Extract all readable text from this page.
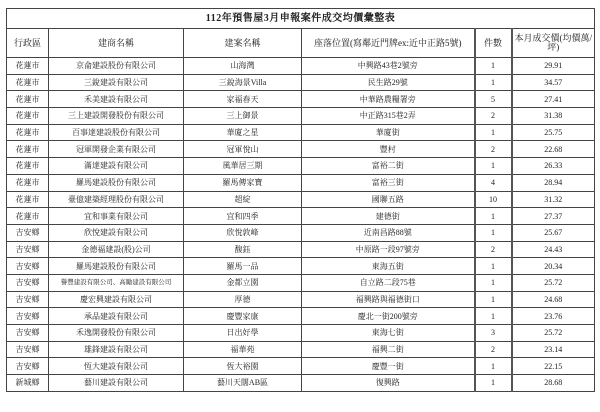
112年預售屋3月申報案件成交均價彙整表					
行政區	建商名稱	建案名稱	座落位置(寫鄰近門牌ex:近中正路5號)	件數	本月成交價(均價萬/坪)
花蓮市	京侖建設股份有限公司	山海灣	中興路43巷2號旁	1	29.91
花蓮市	三銳建設有限公司	三銳海景Villa	民生路29號	1	34.57
花蓮市	禾美建設有限公司	家福春天	中華路農糧署旁	5	27.41
花蓮市	三上建設開發股份有限公司	三上御景	中正路315巷2弄	2	31.38
花蓮市	百事達建設股份有限公司	華廈之星	華廈街	1	25.75
花蓮市	冠軍開發企業有限公司	冠軍悅山	豐村	2	22.68
花蓮市	滿達建設有限公司	風華居三期	富裕二街	1	26.33
花蓮市	羅馬建設股份有限公司	羅馬傳家寶	富裕三街	4	28.94
花蓮市	臺億建築經理股份有限公司	超綻	國聯五路	10	31.32
花蓮市	宜和事業有限公司	宜和四季	建德街	1	27.37
吉安鄉	欣悅建設有限公司	欣悅敦峰	近南昌路88號	1	25.67
吉安鄉	金德福建設(股)公司	馥鈺	中原路一段97號旁	2	24.43
吉安鄉	羅馬建設股份有限公司	羅馬一品	東海五街	1	20.34
吉安鄉	譽豐建設有限公司、高勵建設有限公司	金都立園	自立路二段75巷	1	25.72
吉安鄉	慶宏興建設有限公司	厚德	福興路與福德街口	1	24.68
吉安鄉	承品建設有限公司	慶豐家康	慶北一街200號旁	1	23.76
吉安鄉	禾逸開發股份有限公司	日出好學	東海七街	3	25.72
吉安鄉	雄鋒建設有限公司	福華苑	福興二街	2	23.14
吉安鄉	恆大建設有限公司	恆大裕園	慶豐一街	1	22.15
新城鄉	藝川建設有限公司	藝川天闊AB區	復興路	1	28.68
